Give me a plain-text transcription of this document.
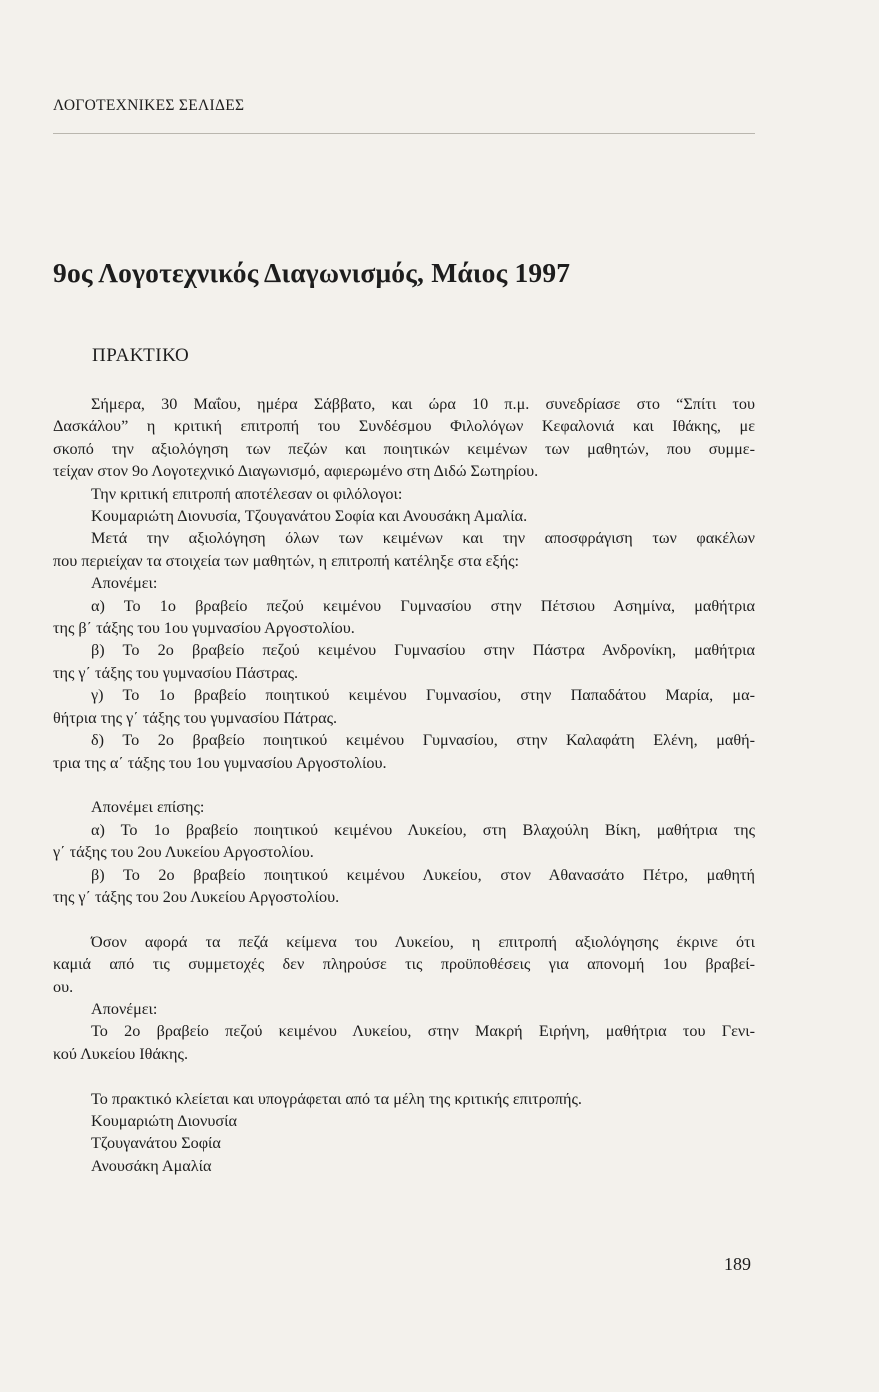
ΛΟΓΟΤΕΧΝΙΚΕΣ ΣΕΛΙΔΕΣ
9ος Λογοτεχνικός Διαγωνισμός, Μάιος 1997
ΠΡΑΚΤΙΚΟ

Σήμερα, 30 Μαΐου, ημέρα Σάββατο, και ώρα 10 π.μ. συνεδρίασε στο “Σπίτι του

Δασκάλου” η κριτική επιτροπή του Συνδέσμου Φιλολόγων Κεφαλονιά και Ιθάκης, με

σκοπό την αξιολόγηση των πεζών και ποιητικών κειμένων των μαθητών, που συμμε-

τείχαν στον 9ο Λογοτεχνικό Διαγωνισμό, αφιερωμένο στη Διδώ Σωτηρίου.

Την κριτική επιτροπή αποτέλεσαν οι φιλόλογοι:

Κουμαριώτη Διονυσία, Τζουγανάτου Σοφία και Ανουσάκη Αμαλία.

Μετά την αξιολόγηση όλων των κειμένων και την αποσφράγιση των φακέλων

που περιείχαν τα στοιχεία των μαθητών, η επιτροπή κατέληξε στα εξής:

Απονέμει:

α) Το 1ο βραβείο πεζού κειμένου Γυμνασίου στην Πέτσιου Ασημίνα, μαθήτρια

της β΄ τάξης του 1ου γυμνασίου Αργοστολίου.

β) Το 2ο βραβείο πεζού κειμένου Γυμνασίου στην Πάστρα Ανδρονίκη, μαθήτρια

της γ΄ τάξης του γυμνασίου Πάστρας.

γ) Το 1ο βραβείο ποιητικού κειμένου Γυμνασίου, στην Παπαδάτου Μαρία, μα-

θήτρια της γ΄ τάξης του γυμνασίου Πάτρας.

δ) Το 2ο βραβείο ποιητικού κειμένου Γυμνασίου, στην Καλαφάτη Ελένη, μαθή-

τρια της α΄ τάξης του 1ου γυμνασίου Αργοστολίου.

Απονέμει επίσης:

α) Το 1ο βραβείο ποιητικού κειμένου Λυκείου, στη Βλαχούλη Βίκη, μαθήτρια της

γ΄ τάξης του 2ου Λυκείου Αργοστολίου.

β) Το 2ο βραβείο ποιητικού κειμένου Λυκείου, στον Αθανασάτο Πέτρο, μαθητή

της γ΄ τάξης του 2ου Λυκείου Αργοστολίου.

Όσον αφορά τα πεζά κείμενα του Λυκείου, η επιτροπή αξιολόγησης έκρινε ότι

καμιά από τις συμμετοχές δεν πληρούσε τις προϋποθέσεις για απονομή 1ου βραβεί-

ου.

Απονέμει:

Το 2ο βραβείο πεζού κειμένου Λυκείου, στην Μακρή Ειρήνη, μαθήτρια του Γενι-

κού Λυκείου Ιθάκης.

Το πρακτικό κλείεται και υπογράφεται από τα μέλη της κριτικής επιτροπής.

Κουμαριώτη Διονυσία

Τζουγανάτου Σοφία

Ανουσάκη Αμαλία

189
